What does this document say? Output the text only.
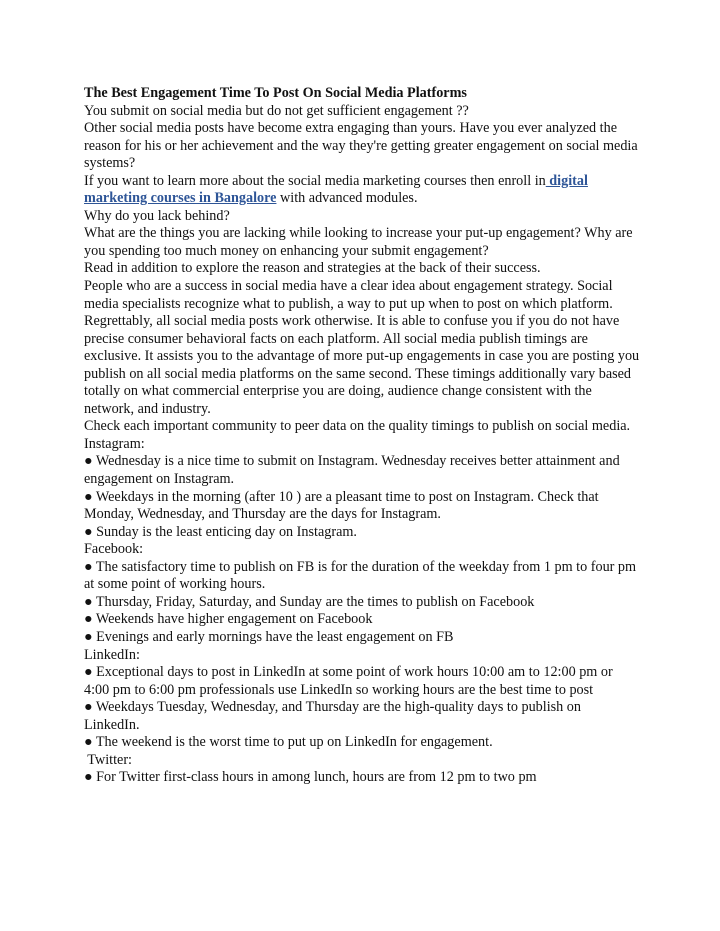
The Best Engagement Time To Post On Social Media Platforms
You submit on social media but do not get sufficient engagement ??
Other social media posts have become extra engaging than yours. Have you ever analyzed the reason for his or her achievement and the way they're getting greater engagement on social media systems?
If you want to learn more about the social media marketing courses then enroll in digital marketing courses in Bangalore with advanced modules.
Why do you lack behind?
What are the things you are lacking while looking to increase your put-up engagement? Why are you spending too much money on enhancing your submit engagement?
Read in addition to explore the reason and strategies at the back of their success.
People who are a success in social media have a clear idea about engagement strategy. Social media specialists recognize what to publish, a way to put up when to post on which platform.
Regrettably, all social media posts work otherwise. It is able to confuse you if you do not have precise consumer behavioral facts on each platform. All social media publish timings are exclusive. It assists you to the advantage of more put-up engagements in case you are posting you publish on all social media platforms on the same second. These timings additionally vary based totally on what commercial enterprise you are doing, audience change consistent with the network, and industry.
Check each important community to peer data on the quality timings to publish on social media.
Instagram:
● Wednesday is a nice time to submit on Instagram. Wednesday receives better attainment and engagement on Instagram.
● Weekdays in the morning (after 10 ) are a pleasant time to post on Instagram. Check that Monday, Wednesday, and Thursday are the days for Instagram.
● Sunday is the least enticing day on Instagram.
Facebook:
● The satisfactory time to publish on FB is for the duration of the weekday from 1 pm to four pm at some point of working hours.
● Thursday, Friday, Saturday, and Sunday are the times to publish on Facebook
● Weekends have higher engagement on Facebook
● Evenings and early mornings have the least engagement on FB
LinkedIn:
● Exceptional days to post in LinkedIn at some point of work hours 10:00 am to 12:00 pm or 4:00 pm to 6:00 pm professionals use LinkedIn so working hours are the best time to post
● Weekdays Tuesday, Wednesday, and Thursday are the high-quality days to publish on LinkedIn.
● The weekend is the worst time to put up on LinkedIn for engagement.
Twitter:
● For Twitter first-class hours in among lunch, hours are from 12 pm to two pm
